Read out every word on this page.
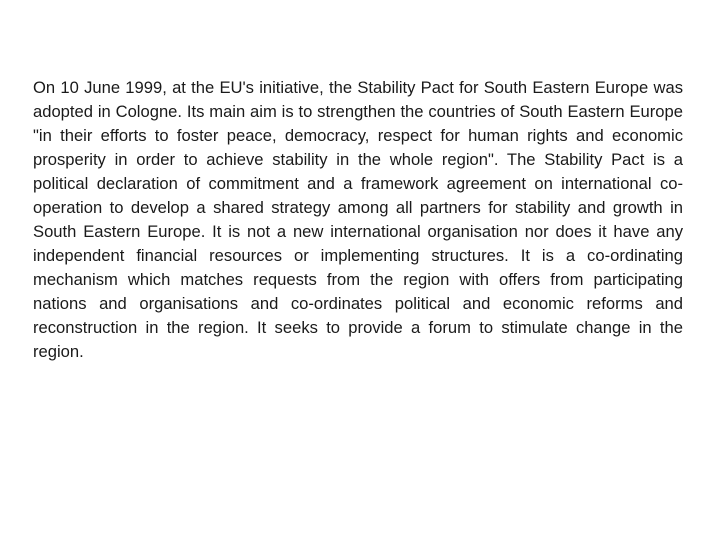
On 10 June 1999, at the EU's initiative, the Stability Pact for South Eastern Europe was adopted in Cologne. Its main aim is to strengthen the countries of South Eastern Europe "in their efforts to foster peace, democracy, respect for human rights and economic prosperity in order to achieve stability in the whole region". The Stability Pact is a political declaration of commitment and a framework agreement on international co-operation to develop a shared strategy among all partners for stability and growth in South Eastern Europe. It is not a new international organisation nor does it have any independent financial resources or implementing structures. It is a co-ordinating mechanism which matches requests from the region with offers from participating nations and organisations and co-ordinates political and economic reforms and reconstruction in the region. It seeks to provide a forum to stimulate change in the region.
